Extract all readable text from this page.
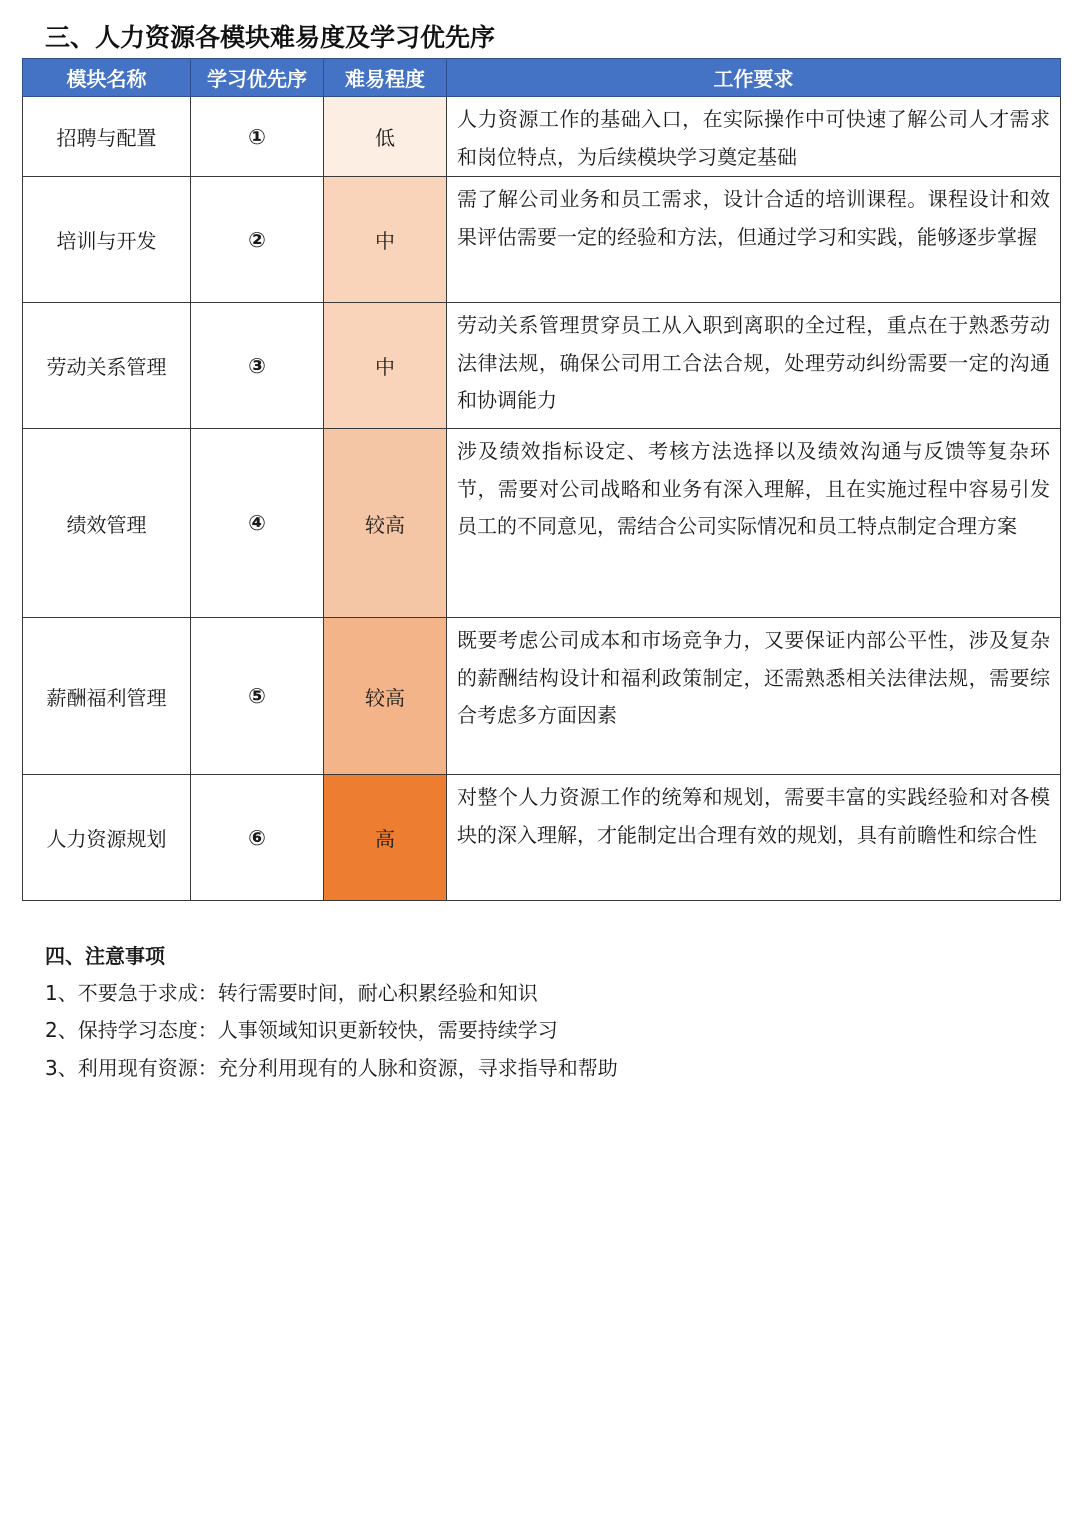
三、人力资源各模块难易度及学习优先序
模块名称	学习优先序	难易程度	工作要求
招聘与配置	①	低	人力资源工作的基础入口，在实际操作中可快速了解公司人才需求和岗位特点，为后续模块学习奠定基础
培训与开发	②	中	需了解公司业务和员工需求，设计合适的培训课程。课程设计和效果评估需要一定的经验和方法，但通过学习和实践，能够逐步掌握
劳动关系管理	③	中	劳动关系管理贯穿员工从入职到离职的全过程，重点在于熟悉劳动法律法规，确保公司用工合法合规，处理劳动纠纷需要一定的沟通和协调能力
绩效管理	④	较高	涉及绩效指标设定、考核方法选择以及绩效沟通与反馈等复杂环节，需要对公司战略和业务有深入理解，且在实施过程中容易引发员工的不同意见，需结合公司实际情况和员工特点制定合理方案
薪酬福利管理	⑤	较高	既要考虑公司成本和市场竞争力，又要保证内部公平性，涉及复杂的薪酬结构设计和福利政策制定，还需熟悉相关法律法规，需要综合考虑多方面因素
人力资源规划	⑥	高	对整个人力资源工作的统筹和规划，需要丰富的实践经验和对各模块的深入理解，才能制定出合理有效的规划，具有前瞻性和综合性
四、注意事项

1、不要急于求成：转行需要时间，耐心积累经验和知识

2、保持学习态度：人事领域知识更新较快，需要持续学习

3、利用现有资源：充分利用现有的人脉和资源，寻求指导和帮助
